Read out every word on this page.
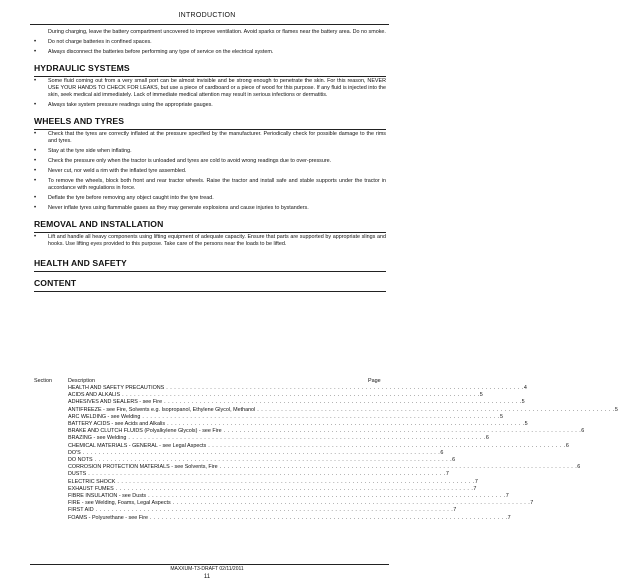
INTRODUCTION

During charging, leave the battery compartment uncovered to improve ventilation. Avoid sparks or flames near the battery area. Do no smoke.

• Do not charge batteries in confined spaces.
• Always disconnect the batteries before performing any type of service on the electrical system.
HYDRAULIC SYSTEMS
• Some fluid coming out from a very small port can be almost invisible and be strong enough to penetrate the skin. For this reason, NEVER USE YOUR HANDS TO CHECK FOR LEAKS, but use a piece of cardboard or a piece of wood for this purpose. If any fluid is injected into the skin, seek medical aid immediately. Lack of immediate medical attention may result in serious infections or dermatitis.
• Always take system pressure readings using the appropriate gauges.
WHEELS AND TYRES
• Check that the tyres are correctly inflated at the pressure specified by the manufacturer. Periodically check for possible damage to the rims and tyres.
• Stay at the tyre side when inflating.
• Check the pressure only when the tractor is unloaded and tyres are cold to avoid wrong readings due to over-pressure.
• Never cut, nor weld a rim with the inflated tyre assembled.
• To remove the wheels, block both front and rear tractor wheels. Raise the tractor and install safe and stable supports under the tractor in accordance with regulations in force.
• Deflate the tyre before removing any object caught into the tyre tread.
• Never inflate tyres using flammable gases as they may generate explosions and cause injuries to bystanders.
REMOVAL AND INSTALLATION
• Lift and handle all heavy components using lifting equipment of adequate capacity. Ensure that parts are supported by appropriate slings and hooks. Use lifting eyes provided to this purpose. Take care of the persons near the loads to be lifted.
HEALTH AND SAFETY
CONTENT
Section	Description	Page
HEALTH AND SAFETY PRECAUTIONS . . . . . . . . . . . . . . . . . . . . . . . . . . . . . . . . . . . . . . . . . . . . . . . . . . . . . . . . . . . . . . . . . . . . . . . . . . . . . . . . . . . . . . . . . . 4
ACIDS AND ALKALIS . . . . . . . . . . . . . . . . . . . . . . . . . . . . . . . . . . . . . . . . . . . . . . . . . . . . . . . . . . . . . . . . . . . . . . . . . . . . . . . . . . . . . . . . . . 5
ADHESIVES AND SEALERS - see Fire . . . . . . . . . . . . . . . . . . . . . . . . . . . . . . . . . . . . . . . . . . . . . . . . . . . . . . . . . . . . . . . . . . . . . . . . . . . . . . . . . . . . . . . . . . 5
ANTIFREEZE - see Fire, Solvents e.g. Isopropanol, Ethylene Glycol, Methanol . . . . . . . . . . . . . . . . . . . . . . . . . . . . . . . . . . . . . . . . . . . . . . . . . . . . . . . . . . . . . . . . . . . . . . . . . . . . . . . . . . . . . . . . . . 5
ARC WELDING - see Welding . . . . . . . . . . . . . . . . . . . . . . . . . . . . . . . . . . . . . . . . . . . . . . . . . . . . . . . . . . . . . . . . . . . . . . . . . . . . . . . . . . . . . . . . . . 5
BATTERY ACIDS - see Acids and Alkalis . . . . . . . . . . . . . . . . . . . . . . . . . . . . . . . . . . . . . . . . . . . . . . . . . . . . . . . . . . . . . . . . . . . . . . . . . . . . . . . . . . . . . . . . . . 5
BRAKE AND CLUTCH FLUIDS (Polyalkylene Glycols) - see Fire . . . . . . . . . . . . . . . . . . . . . . . . . . . . . . . . . . . . . . . . . . . . . . . . . . . . . . . . . . . . . . . . . . . . . . . . . . . . . . . . . . . . . . . . . . 6
BRAZING - see Welding . . . . . . . . . . . . . . . . . . . . . . . . . . . . . . . . . . . . . . . . . . . . . . . . . . . . . . . . . . . . . . . . . . . . . . . . . . . . . . . . . . . . . . . . . . 6
CHEMICAL MATERIALS - GENERAL - see Legal Aspects . . . . . . . . . . . . . . . . . . . . . . . . . . . . . . . . . . . . . . . . . . . . . . . . . . . . . . . . . . . . . . . . . . . . . . . . . . . . . . . . . . . . . . . . . . 6
DO'S . . . . . . . . . . . . . . . . . . . . . . . . . . . . . . . . . . . . . . . . . . . . . . . . . . . . . . . . . . . . . . . . . . . . . . . . . . . . . . . . . . . . . . . . . . 6
DO NOTS . . . . . . . . . . . . . . . . . . . . . . . . . . . . . . . . . . . . . . . . . . . . . . . . . . . . . . . . . . . . . . . . . . . . . . . . . . . . . . . . . . . . . . . . . . 6
CORROSION PROTECTION MATERIALS - see Solvents, Fire . . . . . . . . . . . . . . . . . . . . . . . . . . . . . . . . . . . . . . . . . . . . . . . . . . . . . . . . . . . . . . . . . . . . . . . . . . . . . . . . . . . . . . . . . . 6
DUSTS . . . . . . . . . . . . . . . . . . . . . . . . . . . . . . . . . . . . . . . . . . . . . . . . . . . . . . . . . . . . . . . . . . . . . . . . . . . . . . . . . . . . . . . . . . 7
ELECTRIC SHOCK . . . . . . . . . . . . . . . . . . . . . . . . . . . . . . . . . . . . . . . . . . . . . . . . . . . . . . . . . . . . . . . . . . . . . . . . . . . . . . . . . . . . . . . . . . 7
EXHAUST FUMES . . . . . . . . . . . . . . . . . . . . . . . . . . . . . . . . . . . . . . . . . . . . . . . . . . . . . . . . . . . . . . . . . . . . . . . . . . . . . . . . . . . . . . . . . . 7
FIBRE INSULATION - see Dusts . . . . . . . . . . . . . . . . . . . . . . . . . . . . . . . . . . . . . . . . . . . . . . . . . . . . . . . . . . . . . . . . . . . . . . . . . . . . . . . . . . . . . . . . . . 7
FIRE - see Welding, Foams, Legal Aspects . . . . . . . . . . . . . . . . . . . . . . . . . . . . . . . . . . . . . . . . . . . . . . . . . . . . . . . . . . . . . . . . . . . . . . . . . . . . . . . . . . . . . . . . . . 7
FIRST AID . . . . . . . . . . . . . . . . . . . . . . . . . . . . . . . . . . . . . . . . . . . . . . . . . . . . . . . . . . . . . . . . . . . . . . . . . . . . . . . . . . . . . . . . . . 7
FOAMS - Polyurethane - see Fire . . . . . . . . . . . . . . . . . . . . . . . . . . . . . . . . . . . . . . . . . . . . . . . . . . . . . . . . . . . . . . . . . . . . . . . . . . . . . . . . . . . . . . . . . . 7
MAXXUM-T3-DRAFT 02/11/2011
11
